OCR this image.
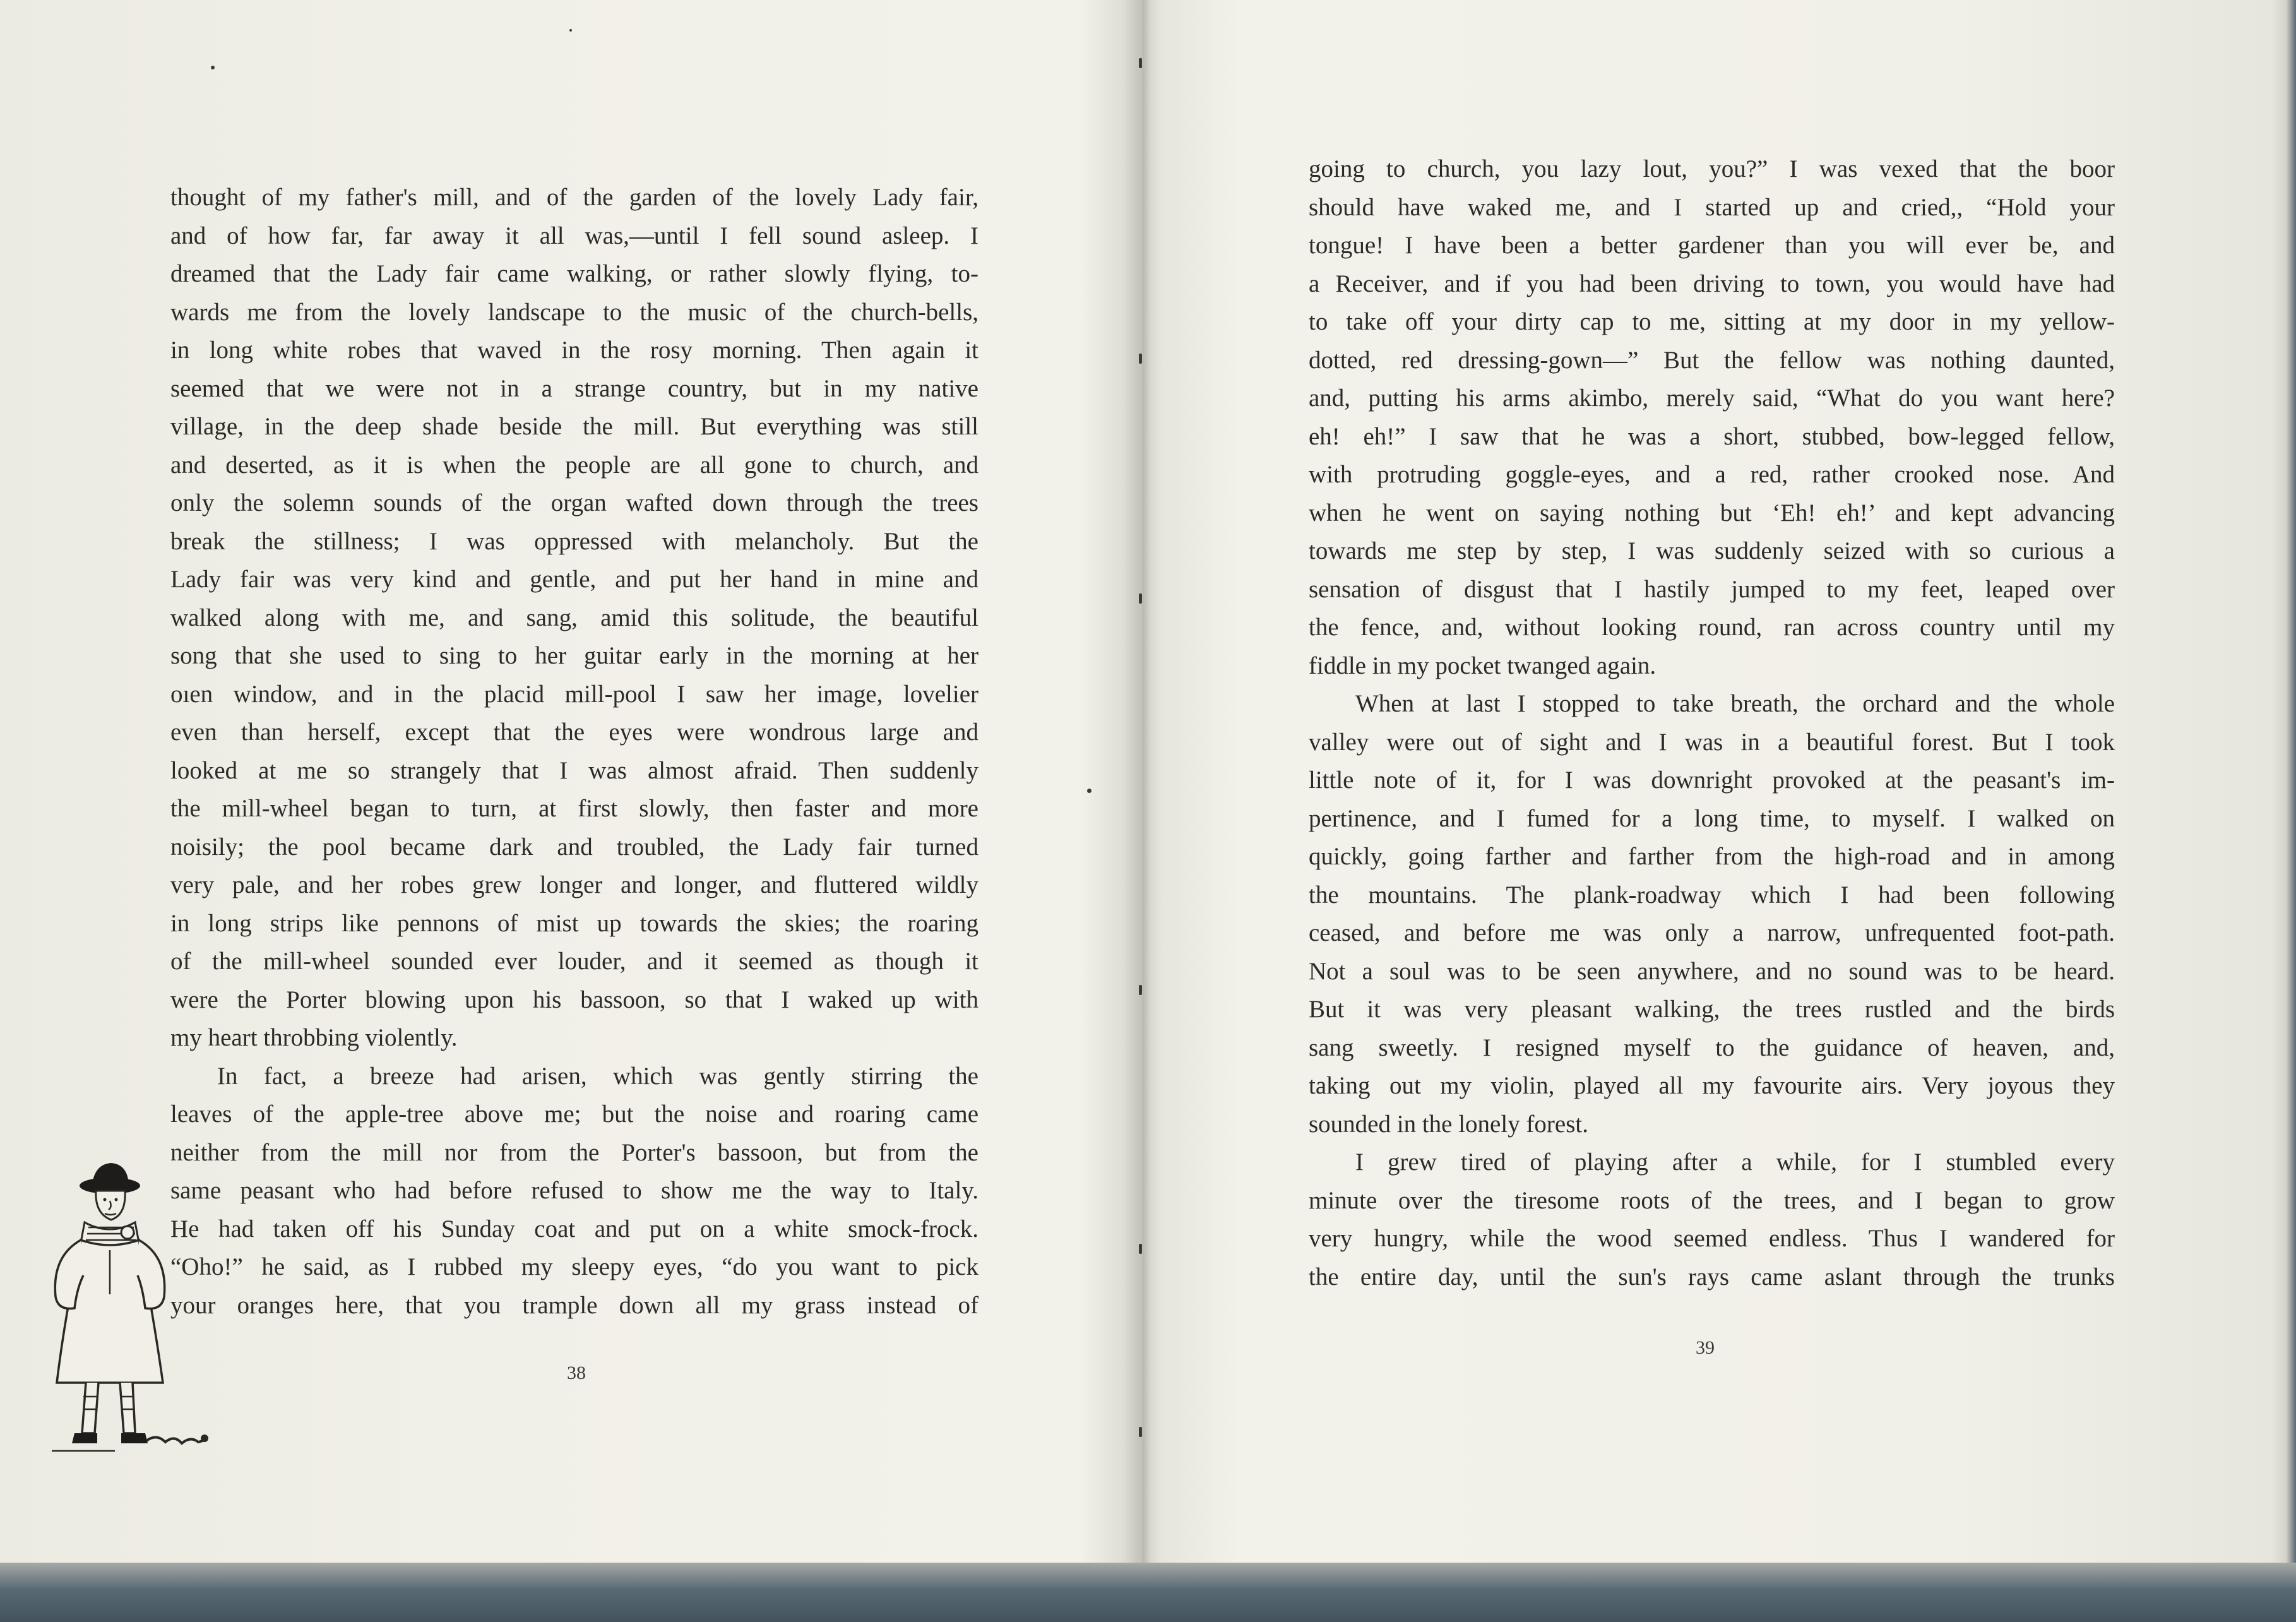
thought of my father's mill, and of the garden of the lovely Lady fair,
and of how far, far away it all was,—until I fell sound asleep. I
dreamed that the Lady fair came walking, or rather slowly flying, to-
wards me from the lovely landscape to the music of the church-bells,
in long white robes that waved in the rosy morning. Then again it
seemed that we were not in a strange country, but in my native
village, in the deep shade beside the mill. But everything was still
and deserted, as it is when the people are all gone to church, and
only the solemn sounds of the organ wafted down through the trees
break the stillness; I was oppressed with melancholy. But the
Lady fair was very kind and gentle, and put her hand in mine and
walked along with me, and sang, amid this solitude, the beautiful
song that she used to sing to her guitar early in the morning at her
oıen window, and in the placid mill-pool I saw her image, lovelier
even than herself, except that the eyes were wondrous large and
looked at me so strangely that I was almost afraid. Then suddenly
the mill-wheel began to turn, at first slowly, then faster and more
noisily; the pool became dark and troubled, the Lady fair turned
very pale, and her robes grew longer and longer, and fluttered wildly
in long strips like pennons of mist up towards the skies; the roaring
of the mill-wheel sounded ever louder, and it seemed as though it
were the Porter blowing upon his bassoon, so that I waked up with
my heart throbbing violently.
In fact, a breeze had arisen, which was gently stirring the
leaves of the apple-tree above me; but the noise and roaring came
neither from the mill nor from the Porter's bassoon, but from the
same peasant who had before refused to show me the way to Italy.
He had taken off his Sunday coat and put on a white smock-frock.
“Oho!” he said, as I rubbed my sleepy eyes, “do you want to pick
your oranges here, that you trample down all my grass instead of
38
going to church, you lazy lout, you?” I was vexed that the boor
should have waked me, and I started up and cried,, “Hold your
tongue! I have been a better gardener than you will ever be, and
a Receiver, and if you had been driving to town, you would have had
to take off your dirty cap to me, sitting at my door in my yellow-
dotted, red dressing-gown—” But the fellow was nothing daunted,
and, putting his arms akimbo, merely said, “What do you want here?
eh! eh!” I saw that he was a short, stubbed, bow-legged fellow,
with protruding goggle-eyes, and a red, rather crooked nose. And
when he went on saying nothing but ‘Eh! eh!’ and kept advancing
towards me step by step, I was suddenly seized with so curious a
sensation of disgust that I hastily jumped to my feet, leaped over
the fence, and, without looking round, ran across country until my
fiddle in my pocket twanged again.
When at last I stopped to take breath, the orchard and the whole
valley were out of sight and I was in a beautiful forest. But I took
little note of it, for I was downright provoked at the peasant's im-
pertinence, and I fumed for a long time, to myself. I walked on
quickly, going farther and farther from the high-road and in among
the mountains. The plank-roadway which I had been following
ceased, and before me was only a narrow, unfrequented foot-path.
Not a soul was to be seen anywhere, and no sound was to be heard.
But it was very pleasant walking, the trees rustled and the birds
sang sweetly. I resigned myself to the guidance of heaven, and,
taking out my violin, played all my favourite airs. Very joyous they
sounded in the lonely forest.
I grew tired of playing after a while, for I stumbled every
minute over the tiresome roots of the trees, and I began to grow
very hungry, while the wood seemed endless. Thus I wandered for
the entire day, until the sun's rays came aslant through the trunks
39
